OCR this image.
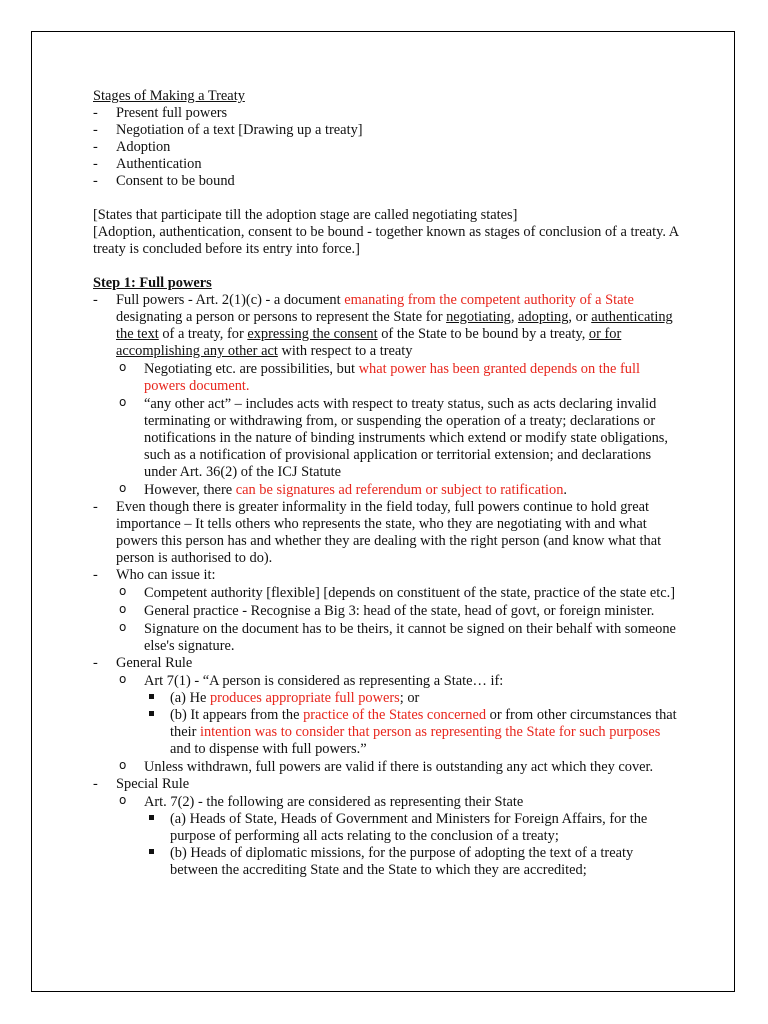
Stages of Making a Treaty

-	Present full powers
-	Negotiation of a text [Drawing up a treaty]
-	Adoption
-	Authentication
-	Consent to be bound

[States that participate till the adoption stage are called negotiating states]

[Adoption, authentication, consent to be bound - together known as stages of conclusion of a treaty. A treaty is concluded before its entry into force.]

Step 1: Full powers

-	Full powers - Art. 2(1)(c) - a document emanating from the competent authority of a State designating a person or persons to represent the State for negotiating, adopting, or authenticating the text of a treaty, for expressing the consent of the State to be bound by a treaty, or for accomplishing any other act with respect to a treaty
o Negotiating etc. are possibilities, but what power has been granted depends on the full powers document.
o “any other act” – includes acts with respect to treaty status, such as acts declaring invalid terminating or withdrawing from, or suspending the operation of a treaty; declarations or notifications in the nature of binding instruments which extend or modify state obligations, such as a notification of provisional application or territorial extension; and declarations under Art. 36(2) of the ICJ Statute
o However, there can be signatures ad referendum or subject to ratification.
-	Even though there is greater informality in the field today, full powers continue to hold great importance – It tells others who represents the state, who they are negotiating with and what powers this person has and whether they are dealing with the right person (and know what that person is authorised to do).
-	Who can issue it:
o Competent authority [flexible] [depends on constituent of the state, practice of the state etc.]
o General practice - Recognise a Big 3: head of the state, head of govt, or foreign minister.
o Signature on the document has to be theirs, it cannot be signed on their behalf with someone else's signature.
-	General Rule
o Art 7(1) - “A person is considered as representing a State… if:
(a) He produces appropriate full powers; or
(b) It appears from the practice of the States concerned or from other circumstances that their intention was to consider that person as representing the State for such purposes and to dispense with full powers.”
o Unless withdrawn, full powers are valid if there is outstanding any act which they cover.
-	Special Rule
o Art. 7(2) - the following are considered as representing their State
(a) Heads of State, Heads of Government and Ministers for Foreign Affairs, for the purpose of performing all acts relating to the conclusion of a treaty;
(b) Heads of diplomatic missions, for the purpose of adopting the text of a treaty between the accrediting State and the State to which they are accredited;
